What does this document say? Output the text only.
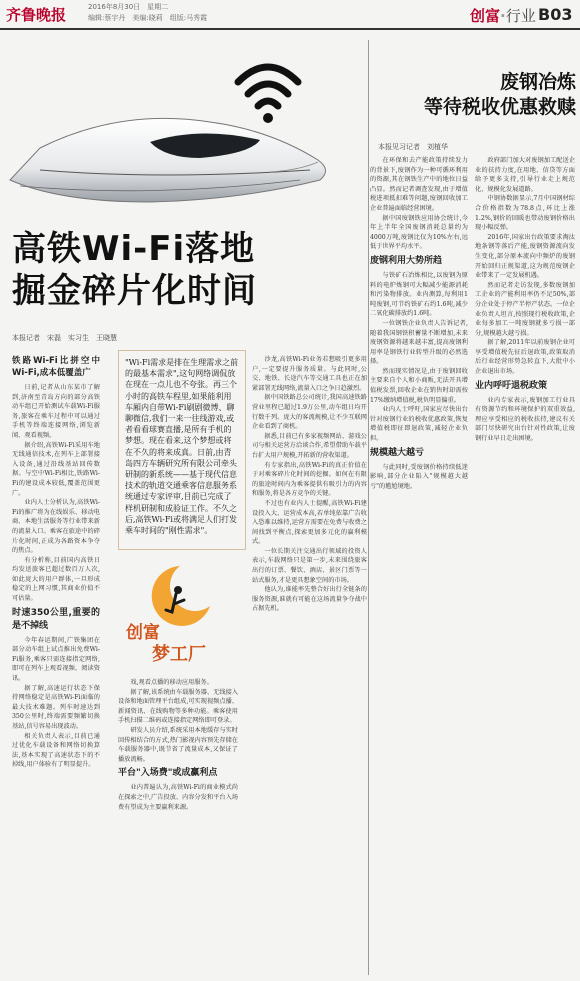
齐鲁晚报	2016年8月30日　星期二
编辑:蔡宇丹　美编:晓莉　组版:马秀霞	创富·行业 B03
高铁Wi-Fi落地
掘金碎片化时间
本报记者　宋磊　实习生　王晓慧

铁路Wi-Fi比拼空中Wi-Fi,成本低覆盖广

日前,记者从山东某市了解到,济南至青岛方向的部分高铁动车组已开始测试车载Wi-Fi服务,旅客在乘车过程中可以通过手机等终端连接网络,浏览新闻、观看视频。

据介绍,高铁Wi-Fi采用车地无线通信技术,在列车上部署接入设备,通过沿线基站回传数据。与空中Wi-Fi相比,铁路Wi-Fi的建设成本较低,覆盖范围更广。

业内人士分析认为,高铁Wi-Fi的推广将为在线娱乐、移动电商、本地生活服务等行业带来新的流量入口。乘客在旅途中的碎片化时间,正成为各路资本争夺的焦点。

有分析称,目前国内高铁日均发送旅客已超过数百万人次,如此庞大的用户群体,一旦形成稳定的上网习惯,其商业价值不可估量。

时速350公里,重要的是不掉线

今年春运期间,广铁集团在部分动车组上试点推出免费Wi-Fi服务,乘客只需连接指定网络,即可在列车上观看视频、阅读资讯。

据了解,高速运行状态下保持网络稳定是高铁Wi-Fi面临的最大技术难题。列车时速达到350公里时,终端需要频繁切换基站,信号容易出现波动。

相关负责人表示,目前已通过优化车载设备和网络切换算法,基本实现了高速状态下的不掉线,用户体验有了明显提升。

"Wi-Fi需求是排在生理需求之前的最基本需求",这句网络调侃放在现在一点儿也不夸张。再三个小时的高铁车程里,如果能利用车厢内自带Wi-Fi刷剧微博、聊聊微信,我们一来一往线游戏,或者看看球赛直播,是所有手机的梦想。现在看来,这个梦想或将在不久的将来成真。日前,由青岛四方车辆研究所有限公司牵头研制的新系统——基于现代信息技术的轨道交通乘客信息服务系统通过专家评审,目前已完成了样机研制和成验证工作。不久之后,高铁Wi-Fi或将满足人们打发乘车时间的"刚性需求"。
创富
梦工厂

戏,观看点播的移动应用服务。

据了解,该系统由车载服务器、无线接入设备和地面管理平台组成,可实现视频点播、新闻资讯、在线购物等多种功能。乘客使用手机扫描二维码或连接指定网络即可登录。

研发人员介绍,系统采用本地缓存与实时回传相结合的方式,热门影视内容预先存储在车载服务器中,既节省了流量成本,又保证了播放流畅。

平台"入场费"或成赢利点

业内普遍认为,高铁Wi-Fi的商业模式尚在探索之中,广告投放、内容分发和平台入场费有望成为主要赢利来源。

沙龙,高铁Wi-Fi业务若想吸引更多用户,一定要提升服务质量。与此同时,公交、地铁、长途汽车等交通工具也正在加紧部署无线网络,流量入口之争日趋激烈。

据中国铁路总公司统计,我国高速铁路营业里程已超过1.9万公里,动车组日均开行数千列。庞大的客流规模,让不少互联网企业看到了商机。

据悉,目前已有多家视频网站、游戏公司与相关运营方洽谈合作,希望借助车载平台扩大用户规模,开拓新的营收渠道。

有专家指出,高铁Wi-Fi的真正价值在于对乘客碎片化时间的挖掘。如何在有限的旅途时间内为乘客提供有吸引力的内容和服务,将是各方竞争的关键。

不过也有业内人士提醒,高铁Wi-Fi建设投入大、运营成本高,若单纯依靠广告收入恐难以维持,运营方需要在免费与收费之间找到平衡点,探索更加多元化的赢利模式。

一位长期关注交通出行领域的投资人表示,车载网络只是第一步,未来围绕旅客出行的订票、餐饮、酒店、景区门票等一站式服务,才是更具想象空间的市场。

他认为,谁能率先整合好出行全链条的服务资源,谁就有可能在这场流量争夺战中占据先机。

废钢冶炼
等待税收优惠救赎
本报见习记者　刘植华

在环保和去产能政策持续发力的背景下,废钢作为一种可循环利用的资源,其在钢铁生产中的地位日益凸显。然而记者调查发现,由于增值税进项抵扣难等问题,废钢回收加工企业普遍面临经营困境。

据中国废钢铁应用协会统计,今年上半年全国废钢消耗总量约为4000万吨,废钢比仅为10%左右,远低于世界平均水平。

废钢利用大势所趋

与铁矿石冶炼相比,以废钢为原料的电炉炼钢可大幅减少能源消耗和污染物排放。业内测算,每利用1吨废钢,可节约铁矿石约1.6吨,减少二氧化碳排放约1.6吨。

一位钢铁企业负责人告诉记者,随着我国钢铁积蓄量不断增加,未来废钢资源将越来越丰富,提高废钢利用率是钢铁行业转型升级的必然选择。

然而现实情况是,由于废钢回收主要来自个人和小商贩,无法开具增值税发票,回收企业在销售时却需按17%缴纳增值税,税负明显偏重。

业内人士呼吁,国家应尽快出台针对废钢行业的税收优惠政策,恢复增值税即征即退政策,减轻企业负担。

规模越大越亏

与此同时,受废钢价格持续低迷影响,部分企业陷入"规模越大越亏"的尴尬境地。

政府部门加大对废钢加工配送企业的扶持力度,在用地、信贷等方面给予更多支持,引导行业走上规范化、规模化发展道路。

中钢协数据显示,7月中国钢材综合价格指数为78.8点,环比上涨1.2%,钢价的回暖也带动废钢价格出现小幅反弹。

2016年,国家出台政策要求淘汰地条钢等落后产能,废钢资源流向发生变化,部分原本流向中频炉的废钢开始回归正规渠道,这为规范废钢企业带来了一定发展机遇。

然而记者走访发现,多数废钢加工企业的产能利用率仍不足50%,部分企业处于停产半停产状态。一位企业负责人坦言,按照现行税收政策,企业每多加工一吨废钢就多亏损一部分,规模越大越亏损。

据了解,2011年以前废钢企业可享受增值税先征后退政策,政策取消后行业经营形势急转直下,大批中小企业退出市场。

业内呼吁退税政策

业内专家表示,废钢加工行业具有资源节约和环境保护的双重效益,理应享受相应的税收扶持,建议有关部门尽快研究出台针对性政策,让废钢行业早日走出困境。
